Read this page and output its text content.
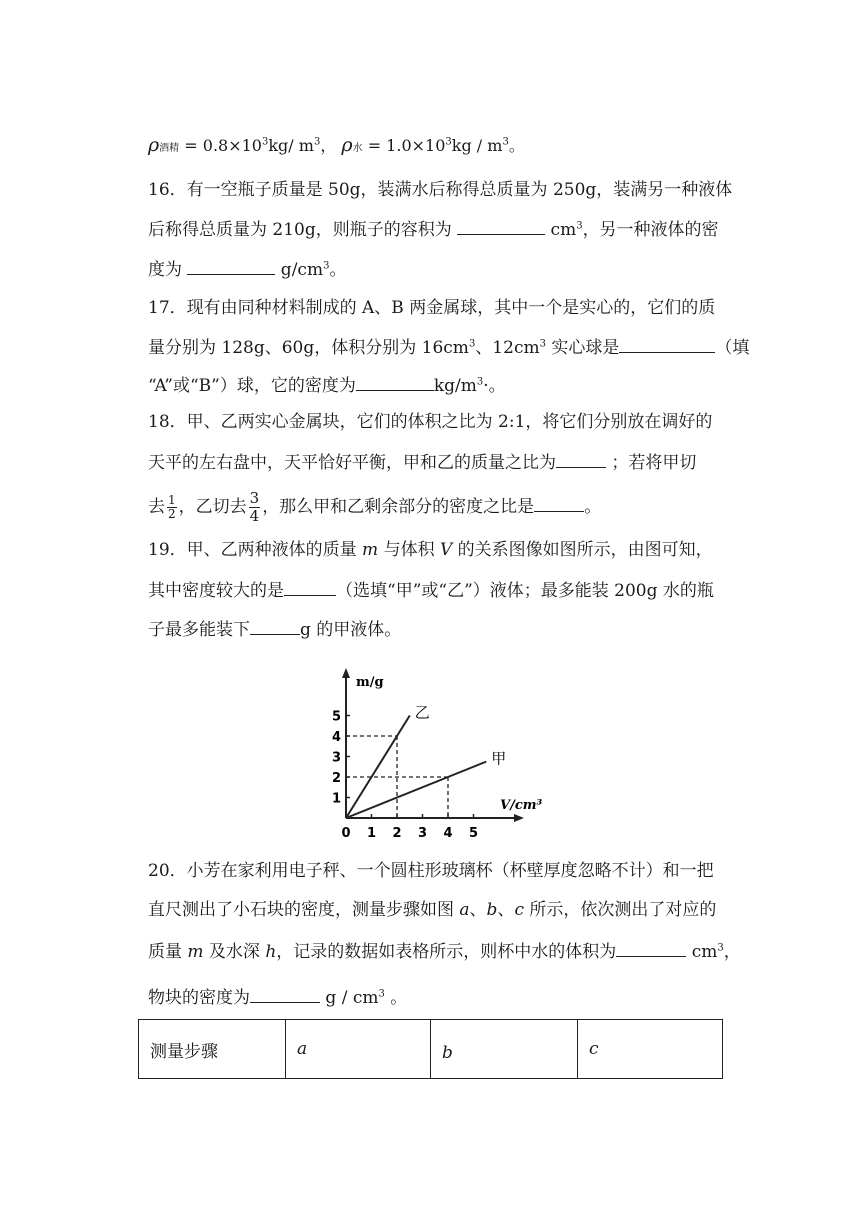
ρ酒精 = $0.8\times 10^3kg/$ $m^3$， ρ水 = $1.0\times 10^3kg / m^3$。
16．有一空瓶子质量是 50g，装满水后称得总质量为 250g，装满另一种液体
后称得总质量为 210g，则瓶子的容积为	$cm^3$，另一种液体的密
度为	$g/cm^3$。
17．现有由同种材料制成的 A、B 两金属球，其中一个是实心的，它们的质
量分别为 128g、60g，体积分别为 $16cm^3$、$12cm^3$ 实心球是	（填
“A”或“B”）球，它的密度为	$kg/m^3\cdot$。
18．甲、乙两实心金属块，它们的体积之比为 2:1，将它们分别放在调好的
天平的左右盘中，天平恰好平衡，甲和乙的质量之比为	；若将甲切
去 $\frac{1}{2}$ ，乙切去 $\frac{3}{4}$ ，那么甲和乙剩余部分的密度之比是	。
19．甲、乙两种液体的质量 m 与体积 V 的关系图像如图所示，由图可知，
其中密度较大的是	（选填“甲”或“乙”）液体；最多能装 200g 水的瓶
子最多能装下	g 的甲液体。
m/g
V/cm³
0 1 2 3 4 5
1
2
3
4
5	乙
甲
20．小芳在家利用电子秤、一个圆柱形玻璃杯（杯壁厚度忽略不计）和一把
直尺测出了小石块的密度，测量步骤如图 a、b、c 所示，依次测出了对应的
质量 m 及水深 h，记录的数据如表格所示，则杯中水的体积为	$cm^3$，
物块的密度为	g / $cm^3$ 。
测量步骤	a	b	c
